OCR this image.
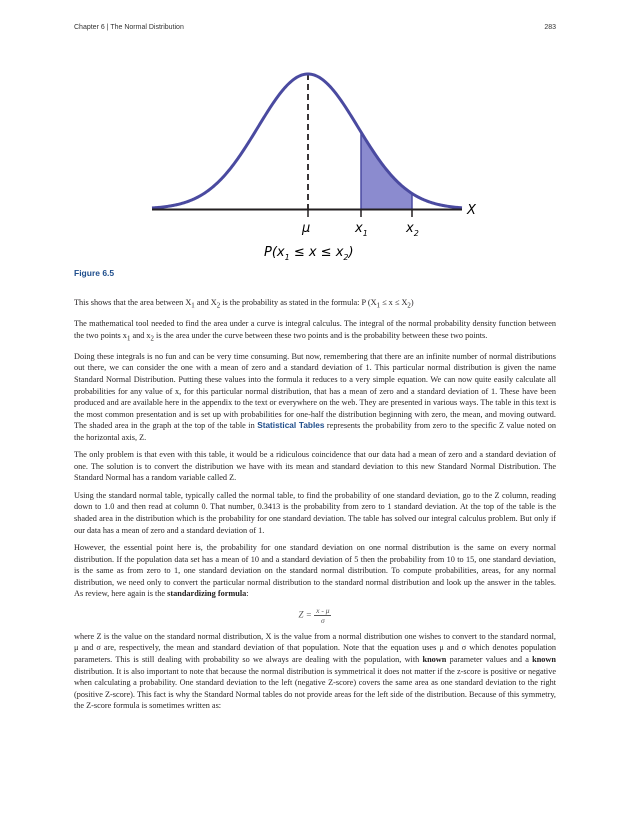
Chapter 6 | The Normal Distribution	283
X
μ	$x_1$	$x_2$
$P(x_1 \le x \le x_2)$
Figure 6.5

This shows that the area between $X_1$ and $X_2$ is the probability as stated in the formula: P $(X_1 \le x \le X_2)$

The mathematical tool needed to find the area under a curve is integral calculus. The integral of the normal probability density function between the two points $x_1$ and $x_2$ is the area under the curve between these two points and is the probability between these two points.

Doing these integrals is no fun and can be very time consuming. But now, remembering that there are an infinite number of normal distributions out there, we can consider the one with a mean of zero and a standard deviation of 1. This particular normal distribution is given the name Standard Normal Distribution. Putting these values into the formula it reduces to a very simple equation. We can now quite easily calculate all probabilities for any value of x, for this particular normal distribution, that has a mean of zero and a standard deviation of 1. These have been produced and are available here in the appendix to the text or everywhere on the web. They are presented in various ways. The table in this text is the most common presentation and is set up with probabilities for one-half the distribution beginning with zero, the mean, and moving outward. The shaded area in the graph at the top of the table in Statistical Tables represents the probability from zero to the specific Z value noted on the horizontal axis, Z.

The only problem is that even with this table, it would be a ridiculous coincidence that our data had a mean of zero and a standard deviation of one. The solution is to convert the distribution we have with its mean and standard deviation to this new Standard Normal Distribution. The Standard Normal has a random variable called Z.

Using the standard normal table, typically called the normal table, to find the probability of one standard deviation, go to the Z column, reading down to 1.0 and then read at column 0. That number, 0.3413 is the probability from zero to 1 standard deviation. At the top of the table is the shaded area in the distribution which is the probability for one standard deviation. The table has solved our integral calculus problem. But only if our data has a mean of zero and a standard deviation of 1.

However, the essential point here is, the probability for one standard deviation on one normal distribution is the same on every normal distribution. If the population data set has a mean of 10 and a standard deviation of 5 then the probability from 10 to 15, one standard deviation, is the same as from zero to 1, one standard deviation on the standard normal distribution. To compute probabilities, areas, for any normal distribution, we need only to convert the particular normal distribution to the standard normal distribution and look up the answer in the tables. As review, here again is the standardizing formula:

$Z = \frac{x - \mu}{\sigma}$

where Z is the value on the standard normal distribution, X is the value from a normal distribution one wishes to convert to the standard normal, μ and σ are, respectively, the mean and standard deviation of that population. Note that the equation uses μ and σ which denotes population parameters. This is still dealing with probability so we always are dealing with the population, with known parameter values and a known distribution. It is also important to note that because the normal distribution is symmetrical it does not matter if the z-score is positive or negative when calculating a probability. One standard deviation to the left (negative Z-score) covers the same area as one standard deviation to the right (positive Z-score). This fact is why the Standard Normal tables do not provide areas for the left side of the distribution. Because of this symmetry, the Z-score formula is sometimes written as:
